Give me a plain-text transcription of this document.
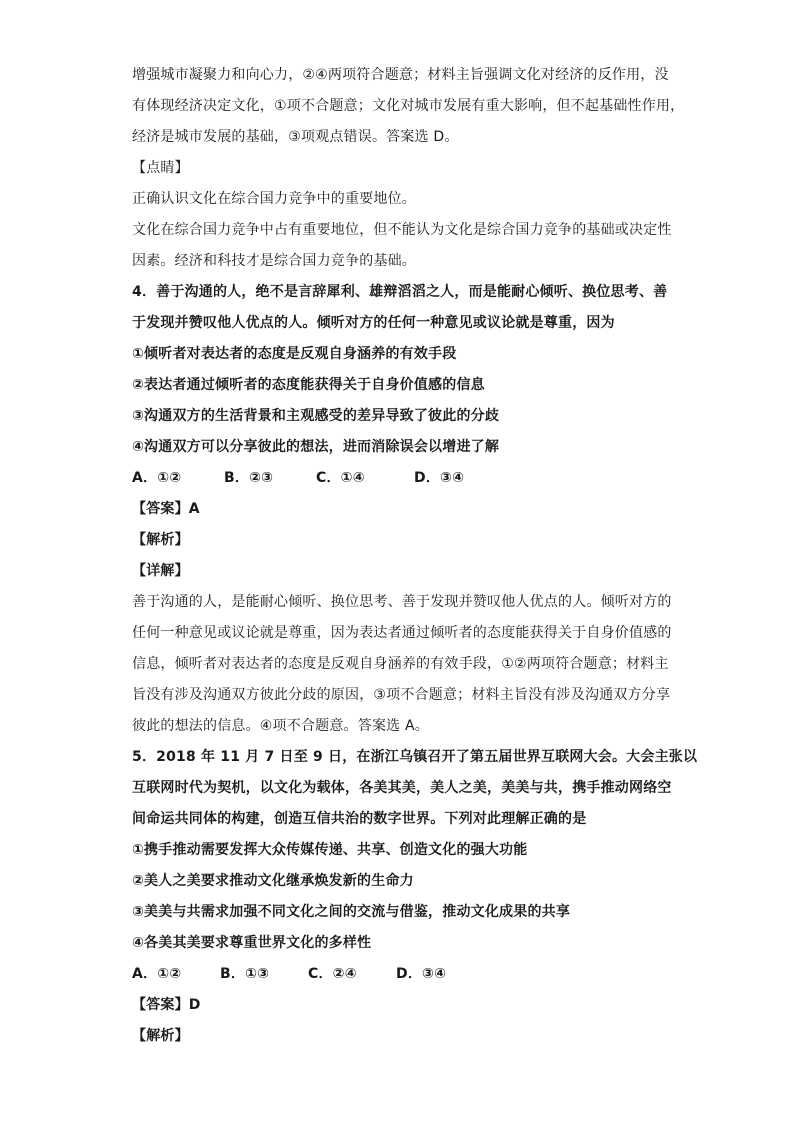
增强城市凝聚力和向心力，②④两项符合题意；材料主旨强调文化对经济的反作用，没
有体现经济决定文化，①项不合题意；文化对城市发展有重大影响，但不起基础性作用，
经济是城市发展的基础，③项观点错误。答案选 D。
【点睛】
正确认识文化在综合国力竞争中的重要地位。
文化在综合国力竞争中占有重要地位，但不能认为文化是综合国力竞争的基础或决定性
因素。经济和科技才是综合国力竞争的基础。
4．善于沟通的人，绝不是言辞犀利、雄辩滔滔之人，而是能耐心倾听、换位思考、善
于发现并赞叹他人优点的人。倾听对方的任何一种意见或议论就是尊重，因为
①倾听者对表达者的态度是反观自身涵养的有效手段
②表达者通过倾听者的态度能获得关于自身价值感的信息
③沟通双方的生活背景和主观感受的差异导致了彼此的分歧
④沟通双方可以分享彼此的想法，进而消除误会以增进了解
A．①②	B．②③	C．①④	D．③④
【答案】A
【解析】
【详解】
善于沟通的人，是能耐心倾听、换位思考、善于发现并赞叹他人优点的人。倾听对方的
任何一种意见或议论就是尊重，因为表达者通过倾听者的态度能获得关于自身价值感的
信息，倾听者对表达者的态度是反观自身涵养的有效手段，①②两项符合题意；材料主
旨没有涉及沟通双方彼此分歧的原因，③项不合题意；材料主旨没有涉及沟通双方分享
彼此的想法的信息。④项不合题意。答案选 A。
5．2018 年 11 月 7 日至 9 日，在浙江乌镇召开了第五届世界互联网大会。大会主张以
互联网时代为契机，以文化为载体，各美其美，美人之美，美美与共，携手推动网络空
间命运共同体的构建，创造互信共治的数字世界。下列对此理解正确的是
①携手推动需要发挥大众传媒传递、共享、创造文化的强大功能
②美人之美要求推动文化继承焕发新的生命力
③美美与共需求加强不同文化之间的交流与借鉴，推动文化成果的共享
④各美其美要求尊重世界文化的多样性
A．①②	B．①③	C．②④	D．③④
【答案】D
【解析】
